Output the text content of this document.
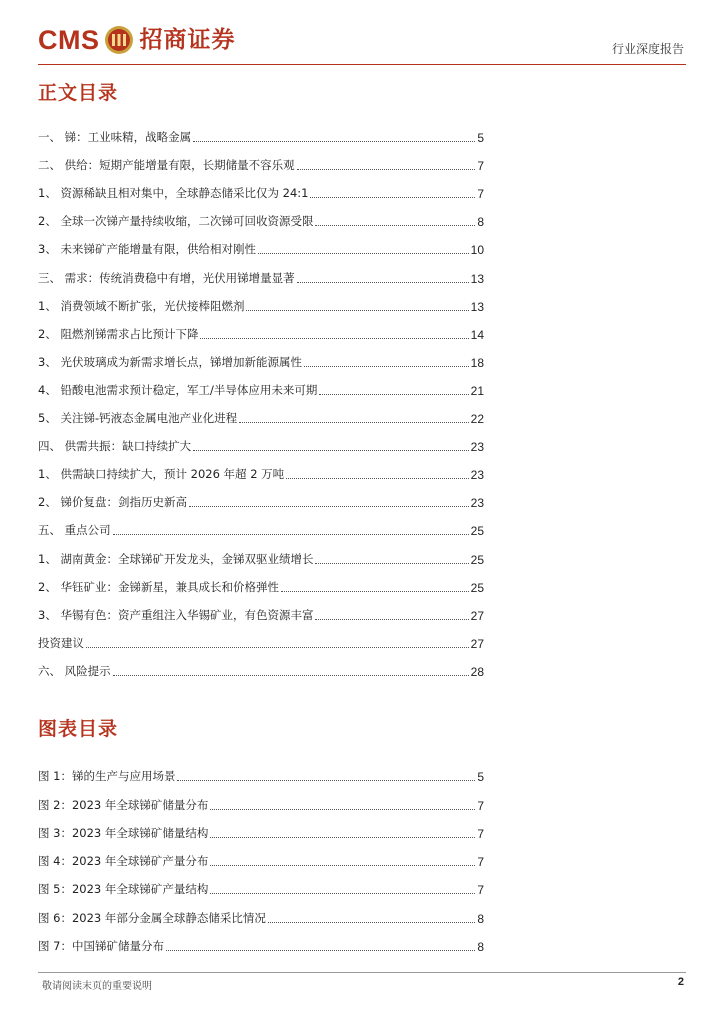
CMS 招商证券	行业深度报告
正文目录
一、 锑：工业味精，战略金属	5
二、 供给：短期产能增量有限，长期储量不容乐观	7
1、 资源稀缺且相对集中，全球静态储采比仅为 24:1	7
2、 全球一次锑产量持续收缩，二次锑可回收资源受限	8
3、 未来锑矿产能增量有限，供给相对刚性	10
三、 需求：传统消费稳中有增，光伏用锑增量显著	13
1、 消费领域不断扩张，光伏接棒阻燃剂	13
2、 阻燃剂锑需求占比预计下降	14
3、 光伏玻璃成为新需求增长点，锑增加新能源属性	18
4、 铅酸电池需求预计稳定，军工/半导体应用未来可期	21
5、 关注锑-钙液态金属电池产业化进程	22
四、 供需共振：缺口持续扩大	23
1、 供需缺口持续扩大，预计 2026 年超 2 万吨	23
2、 锑价复盘：剑指历史新高	23
五、 重点公司	25
1、 湖南黄金：全球锑矿开发龙头，金锑双驱业绩增长	25
2、 华钰矿业：金锑新星，兼具成长和价格弹性	25
3、 华锡有色：资产重组注入华锡矿业，有色资源丰富	27
投资建议	27
六、 风险提示	28
图表目录
图 1：锑的生产与应用场景	5
图 2：2023 年全球锑矿储量分布	7
图 3：2023 年全球锑矿储量结构	7
图 4：2023 年全球锑矿产量分布	7
图 5：2023 年全球锑矿产量结构	7
图 6：2023 年部分金属全球静态储采比情况	8
图 7：中国锑矿储量分布	8
敬请阅读末页的重要说明	2
